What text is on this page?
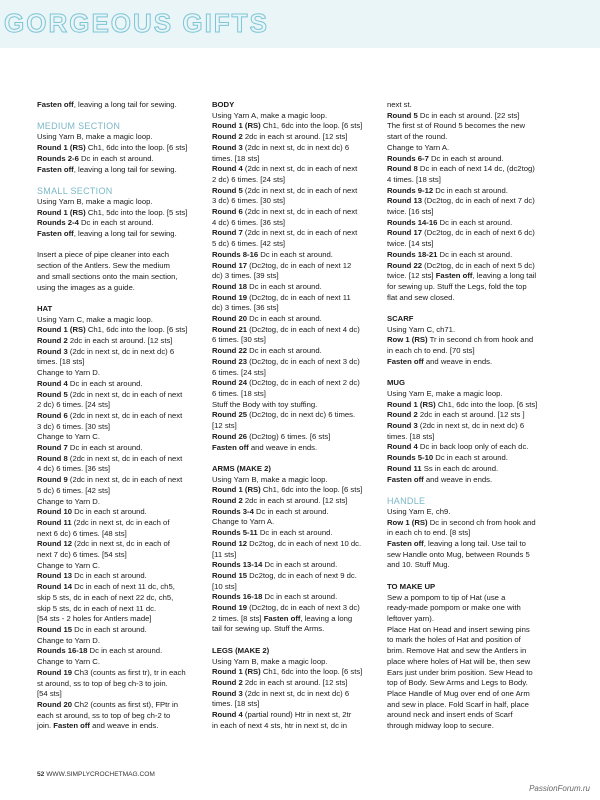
GORGEOUS GIFTS
Fasten off, leaving a long tail for sewing.
MEDIUM SECTION
Using Yarn B, make a magic loop.
Round 1 (RS) Ch1, 6dc into the loop. [6 sts]
Rounds 2-6 Dc in each st around.
Fasten off, leaving a long tail for sewing.
SMALL SECTION
Using Yarn B, make a magic loop.
Round 1 (RS) Ch1, 5dc into the loop. [5 sts]
Rounds 2-4 Dc in each st around.
Fasten off, leaving a long tail for sewing.
Insert a piece of pipe cleaner into each
section of the Antlers. Sew the medium
and small sections onto the main section,
using the images as a guide.
HAT
Using Yarn C, make a magic loop.
Round 1 (RS) Ch1, 6dc into the loop. [6 sts]
Round 2 2dc in each st around. [12 sts]
Round 3 (2dc in next st, dc in next dc) 6
times. [18 sts]
Change to Yarn D.
Round 4 Dc in each st around.
Round 5 (2dc in next st, dc in each of next
2 dc) 6 times. [24 sts]
Round 6 (2dc in next st, dc in each of next
3 dc) 6 times. [30 sts]
Change to Yarn C.
Round 7 Dc in each st around.
Round 8 (2dc in next st, dc in each of next
4 dc) 6 times. [36 sts]
Round 9 (2dc in next st, dc in each of next
5 dc) 6 times. [42 sts]
Change to Yarn D.
Round 10 Dc in each st around.
Round 11 (2dc in next st, dc in each of
next 6 dc) 6 times. [48 sts]
Round 12 (2dc in next st, dc in each of
next 7 dc) 6 times. [54 sts]
Change to Yarn C.
Round 13 Dc in each st around.
Round 14 Dc in each of next 11 dc, ch5,
skip 5 sts, dc in each of next 22 dc, ch5,
skip 5 sts, dc in each of next 11 dc.
[54 sts - 2 holes for Antlers made]
Round 15 Dc in each st around.
Change to Yarn D.
Rounds 16-18 Dc in each st around.
Change to Yarn C.
Round 19 Ch3 (counts as first tr), tr in each
st around, ss to top of beg ch-3 to join.
[54 sts]
Round 20 Ch2 (counts as first st), FPtr in
each st around, ss to top of beg ch-2 to
join. Fasten off and weave in ends.
BODY
Using Yarn A, make a magic loop.
Round 1 (RS) Ch1, 6dc into the loop. [6 sts]
Round 2 2dc in each st around. [12 sts]
Round 3 (2dc in next st, dc in next dc) 6
times. [18 sts]
Round 4 (2dc in next st, dc in each of next
2 dc) 6 times. [24 sts]
Round 5 (2dc in next st, dc in each of next
3 dc) 6 times. [30 sts]
Round 6 (2dc in next st, dc in each of next
4 dc) 6 times. [36 sts]
Round 7 (2dc in next st, dc in each of next
5 dc) 6 times. [42 sts]
Rounds 8-16 Dc in each st around.
Round 17 (Dc2tog, dc in each of next 12
dc) 3 times. [39 sts]
Round 18 Dc in each st around.
Round 19 (Dc2tog, dc in each of next 11
dc) 3 times. [36 sts]
Round 20 Dc in each st around.
Round 21 (Dc2tog, dc in each of next 4 dc)
6 times. [30 sts]
Round 22 Dc in each st around.
Round 23 (Dc2tog, dc in each of next 3 dc)
6 times. [24 sts]
Round 24 (Dc2tog, dc in each of next 2 dc)
6 times. [18 sts]
Stuff the Body with toy stuffing.
Round 25 (Dc2tog, dc in next dc) 6 times.
[12 sts]
Round 26 (Dc2tog) 6 times. [6 sts]
Fasten off and weave in ends.
ARMS (MAKE 2)
Using Yarn B, make a magic loop.
Round 1 (RS) Ch1, 6dc into the loop. [6 sts]
Round 2 2dc in each st around. [12 sts]
Rounds 3-4 Dc in each st around.
Change to Yarn A.
Rounds 5-11 Dc in each st around.
Round 12 Dc2tog, dc in each of next 10 dc.
[11 sts]
Rounds 13-14 Dc in each st around.
Round 15 Dc2tog, dc in each of next 9 dc.
[10 sts]
Rounds 16-18 Dc in each st around.
Round 19 (Dc2tog, dc in each of next 3 dc)
2 times. [8 sts] Fasten off, leaving a long
tail for sewing up. Stuff the Arms.
LEGS (MAKE 2)
Using Yarn B, make a magic loop.
Round 1 (RS) Ch1, 6dc into the loop. [6 sts]
Round 2 2dc in each st around. [12 sts]
Round 3 (2dc in next st, dc in next dc) 6
times. [18 sts]
Round 4 (partial round) Htr in next st, 2tr
in each of next 4 sts, htr in next st, dc in
next st.
Round 5 Dc in each st around. [22 sts]
The first st of Round 5 becomes the new
start of the round.
Change to Yarn A.
Rounds 6-7 Dc in each st around.
Round 8 Dc in each of next 14 dc, (dc2tog)
4 times. [18 sts]
Rounds 9-12 Dc in each st around.
Round 13 (Dc2tog, dc in each of next 7 dc)
twice. [16 sts]
Rounds 14-16 Dc in each st around.
Round 17 (Dc2tog, dc in each of next 6 dc)
twice. [14 sts]
Rounds 18-21 Dc in each st around.
Round 22 (Dc2tog, dc in each of next 5 dc)
twice. [12 sts] Fasten off, leaving a long tail
for sewing up. Stuff the Legs, fold the top
flat and sew closed.
SCARF
Using Yarn C, ch71.
Row 1 (RS) Tr in second ch from hook and
in each ch to end. [70 sts]
Fasten off and weave in ends.
MUG
Using Yarn E, make a magic loop.
Round 1 (RS) Ch1, 6dc into the loop. [6 sts]
Round 2 2dc in each st around. [12 sts ]
Round 3 (2dc in next st, dc in next dc) 6
times. [18 sts]
Round 4 Dc in back loop only of each dc.
Rounds 5-10 Dc in each st around.
Round 11 Ss in each dc around.
Fasten off and weave in ends.
HANDLE
Using Yarn E, ch9.
Row 1 (RS) Dc in second ch from hook and
in each ch to end. [8 sts]
Fasten off, leaving a long tail. Use tail to
sew Handle onto Mug, between Rounds 5
and 10. Stuff Mug.
TO MAKE UP
Sew a pompom to tip of Hat (use a
ready-made pompom or make one with
leftover yarn).
Place Hat on Head and insert sewing pins
to mark the holes of Hat and position of
brim. Remove Hat and sew the Antlers in
place where holes of Hat will be, then sew
Ears just under brim position. Sew Head to
top of Body. Sew Arms and Legs to Body.
Place Handle of Mug over end of one Arm
and sew in place. Fold Scarf in half, place
around neck and insert ends of Scarf
through midway loop to secure.
52 WWW.SIMPLYCROCHETMAG.COM
PassionForum.ru
